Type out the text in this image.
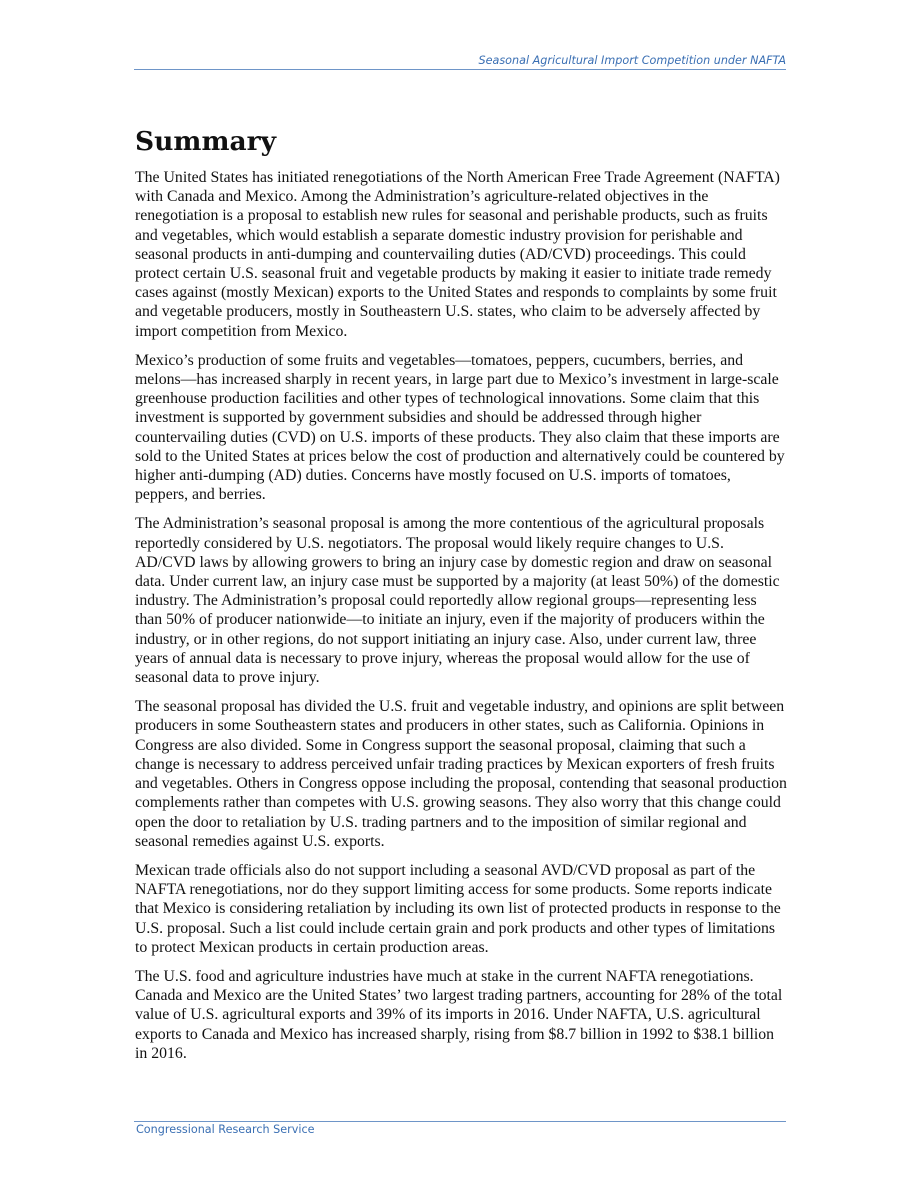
Seasonal Agricultural Import Competition under NAFTA
Summary

The United States has initiated renegotiations of the North American Free Trade Agreement (NAFTA) with Canada and Mexico. Among the Administration’s agriculture-related objectives in the renegotiation is a proposal to establish new rules for seasonal and perishable products, such as fruits and vegetables, which would establish a separate domestic industry provision for perishable and seasonal products in anti-dumping and countervailing duties (AD/CVD) proceedings. This could protect certain U.S. seasonal fruit and vegetable products by making it easier to initiate trade remedy cases against (mostly Mexican) exports to the United States and responds to complaints by some fruit and vegetable producers, mostly in Southeastern U.S. states, who claim to be adversely affected by import competition from Mexico.

Mexico’s production of some fruits and vegetables—tomatoes, peppers, cucumbers, berries, and melons—has increased sharply in recent years, in large part due to Mexico’s investment in large-scale greenhouse production facilities and other types of technological innovations. Some claim that this investment is supported by government subsidies and should be addressed through higher countervailing duties (CVD) on U.S. imports of these products. They also claim that these imports are sold to the United States at prices below the cost of production and alternatively could be countered by higher anti-dumping (AD) duties. Concerns have mostly focused on U.S. imports of tomatoes, peppers, and berries.

The Administration’s seasonal proposal is among the more contentious of the agricultural proposals reportedly considered by U.S. negotiators. The proposal would likely require changes to U.S. AD/CVD laws by allowing growers to bring an injury case by domestic region and draw on seasonal data. Under current law, an injury case must be supported by a majority (at least 50%) of the domestic industry. The Administration’s proposal could reportedly allow regional groups—representing less than 50% of producer nationwide—to initiate an injury, even if the majority of producers within the industry, or in other regions, do not support initiating an injury case. Also, under current law, three years of annual data is necessary to prove injury, whereas the proposal would allow for the use of seasonal data to prove injury.

The seasonal proposal has divided the U.S. fruit and vegetable industry, and opinions are split between producers in some Southeastern states and producers in other states, such as California. Opinions in Congress are also divided. Some in Congress support the seasonal proposal, claiming that such a change is necessary to address perceived unfair trading practices by Mexican exporters of fresh fruits and vegetables. Others in Congress oppose including the proposal, contending that seasonal production complements rather than competes with U.S. growing seasons. They also worry that this change could open the door to retaliation by U.S. trading partners and to the imposition of similar regional and seasonal remedies against U.S. exports.

Mexican trade officials also do not support including a seasonal AVD/CVD proposal as part of the NAFTA renegotiations, nor do they support limiting access for some products. Some reports indicate that Mexico is considering retaliation by including its own list of protected products in response to the U.S. proposal. Such a list could include certain grain and pork products and other types of limitations to protect Mexican products in certain production areas.

The U.S. food and agriculture industries have much at stake in the current NAFTA renegotiations. Canada and Mexico are the United States’ two largest trading partners, accounting for 28% of the total value of U.S. agricultural exports and 39% of its imports in 2016. Under NAFTA, U.S. agricultural exports to Canada and Mexico has increased sharply, rising from $8.7 billion in 1992 to $38.1 billion in 2016.

Congressional Research Service
